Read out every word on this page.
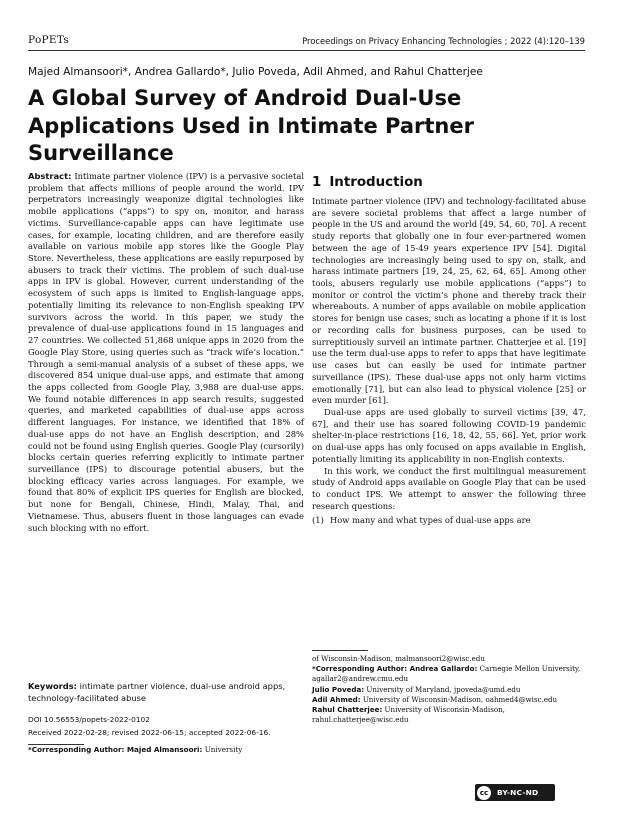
PoPETs	Proceedings on Privacy Enhancing Technologies ; 2022 (4):120–139
Majed Almansoori*, Andrea Gallardo*, Julio Poveda, Adil Ahmed, and Rahul Chatterjee
A Global Survey of Android Dual-Use Applications Used in Intimate Partner Surveillance

Abstract: Intimate partner violence (IPV) is a pervasive societal problem that affects millions of people around the world. IPV perpetrators increasingly weaponize digital technologies like mobile applications (“apps”) to spy on, monitor, and harass victims. Surveillance-capable apps can have legitimate use cases, for example, locating children, and are therefore easily available on various mobile app stores like the Google Play Store. Nevertheless, these applications are easily repurposed by abusers to track their victims. The problem of such dual-use apps in IPV is global. However, current understanding of the ecosystem of such apps is limited to English-language apps, potentially limiting its relevance to non-English speaking IPV survivors across the world. In this paper, we study the prevalence of dual-use applications found in 15 languages and 27 countries. We collected 51,868 unique apps in 2020 from the Google Play Store, using queries such as “track wife’s location.” Through a semi-manual analysis of a subset of these apps, we discovered 854 unique dual-use apps, and estimate that among the apps collected from Google Play, 3,988 are dual-use apps. We found notable differences in app search results, suggested queries, and marketed capabilities of dual-use apps across different languages. For instance, we identified that 18% of dual-use apps do not have an English description, and 28% could not be found using English queries. Google Play (cursorily) blocks certain queries referring explicitly to intimate partner surveillance (IPS) to discourage potential abusers, but the blocking efficacy varies across languages. For example, we found that 80% of explicit IPS queries for English are blocked, but none for Bengali, Chinese, Hindi, Malay, Thai, and Vietnamese. Thus, abusers fluent in those languages can evade such blocking with no effort.

Keywords: intimate partner violence, dual-use android apps, technology-facilitated abuse
DOI 10.56553/popets-2022-0102
Received 2022-02-28; revised 2022-06-15; accepted 2022-06-16.
*Corresponding Author: Majed Almansoori: University
1 Introduction

Intimate partner violence (IPV) and technology-facilitated abuse are severe societal problems that affect a large number of people in the US and around the world [49, 54, 60, 70]. A recent study reports that globally one in four ever-partnered women between the age of 15-49 years experience IPV [54]. Digital technologies are increasingly being used to spy on, stalk, and harass intimate partners [19, 24, 25, 62, 64, 65]. Among other tools, abusers regularly use mobile applications (“apps”) to monitor or control the victim’s phone and thereby track their whereabouts. A number of apps available on mobile application stores for benign use cases, such as locating a phone if it is lost or recording calls for business purposes, can be used to surreptitiously surveil an intimate partner. Chatterjee et al. [19] use the term dual-use apps to refer to apps that have legitimate use cases but can easily be used for intimate partner surveillance (IPS). These dual-use apps not only harm victims emotionally [71], but can also lead to physical violence [25] or even murder [61].

Dual-use apps are used globally to surveil victims [39, 47, 67], and their use has soared following COVID-19 pandemic shelter-in-place restrictions [16, 18, 42, 55, 66]. Yet, prior work on dual-use apps has only focused on apps available in English, potentially limiting its applicability in non-English contexts.

In this work, we conduct the first multilingual measurement study of Android apps available on Google Play that can be used to conduct IPS. We attempt to answer the following three research questions:

(1) How many and what types of dual-use apps are

of Wisconsin-Madison, malmansoori2@wisc.edu

*Corresponding Author: Andrea Gallardo: Carnegie Mellon University, agallar2@andrew.cmu.edu

Julio Poveda: University of Maryland, jpoveda@umd.edu

Adil Ahmed: University of Wisconsin-Madison, oahmed4@wisc.edu

Rahul Chatterjee: University of Wisconsin-Madison, rahul.chatterjee@wisc.edu

cc	BY-NC-ND
